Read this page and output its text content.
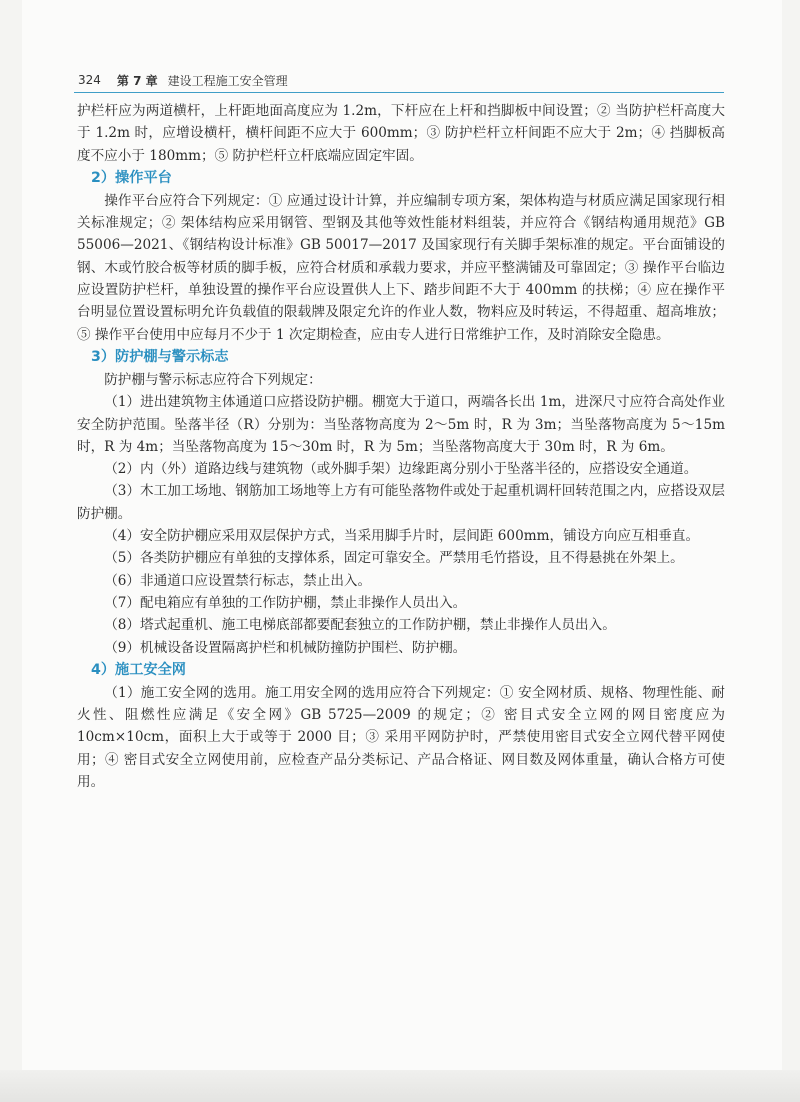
324 第 7 章 建设工程施工安全管理

护栏杆应为两道横杆，上杆距地面高度应为 1.2m，下杆应在上杆和挡脚板中间设置；② 当防护栏杆高度大于 1.2m 时，应增设横杆，横杆间距不应大于 600mm；③ 防护栏杆立杆间距不应大于 2m；④ 挡脚板高度不应小于 180mm；⑤ 防护栏杆立杆底端应固定牢固。

2）操作平台

操作平台应符合下列规定：① 应通过设计计算，并应编制专项方案，架体构造与材质应满足国家现行相关标准规定；② 架体结构应采用钢管、型钢及其他等效性能材料组装，并应符合《钢结构通用规范》GB 55006—2021、《钢结构设计标准》GB 50017—2017 及国家现行有关脚手架标准的规定。平台面铺设的钢、木或竹胶合板等材质的脚手板，应符合材质和承载力要求，并应平整满铺及可靠固定；③ 操作平台临边应设置防护栏杆，单独设置的操作平台应设置供人上下、踏步间距不大于 400mm 的扶梯；④ 应在操作平台明显位置设置标明允许负载值的限载牌及限定允许的作业人数，物料应及时转运，不得超重、超高堆放；⑤ 操作平台使用中应每月不少于 1 次定期检查，应由专人进行日常维护工作，及时消除安全隐患。

3）防护棚与警示标志

防护棚与警示标志应符合下列规定：

（1）进出建筑物主体通道口应搭设防护棚。棚宽大于道口，两端各长出 1m，进深尺寸应符合高处作业安全防护范围。坠落半径（R）分别为：当坠落物高度为 2～5m 时，R 为 3m；当坠落物高度为 5～15m 时，R 为 4m；当坠落物高度为 15～30m 时，R 为 5m；当坠落物高度大于 30m 时，R 为 6m。

（2）内（外）道路边线与建筑物（或外脚手架）边缘距离分别小于坠落半径的，应搭设安全通道。

（3）木工加工场地、钢筋加工场地等上方有可能坠落物件或处于起重机调杆回转范围之内，应搭设双层防护棚。

（4）安全防护棚应采用双层保护方式，当采用脚手片时，层间距 600mm，铺设方向应互相垂直。

（5）各类防护棚应有单独的支撑体系，固定可靠安全。严禁用毛竹搭设，且不得悬挑在外架上。

（6）非通道口应设置禁行标志，禁止出入。

（7）配电箱应有单独的工作防护棚，禁止非操作人员出入。

（8）塔式起重机、施工电梯底部都要配套独立的工作防护棚，禁止非操作人员出入。

（9）机械设备设置隔离护栏和机械防撞防护围栏、防护棚。

4）施工安全网

（1）施工安全网的选用。施工用安全网的选用应符合下列规定：① 安全网材质、规格、物理性能、耐火性、阻燃性应满足《安全网》GB 5725—2009 的规定；② 密目式安全立网的网目密度应为 10cm×10cm，面积上大于或等于 2000 目；③ 采用平网防护时，严禁使用密目式安全立网代替平网使用；④ 密目式安全立网使用前，应检查产品分类标记、产品合格证、网目数及网体重量，确认合格方可使用。
